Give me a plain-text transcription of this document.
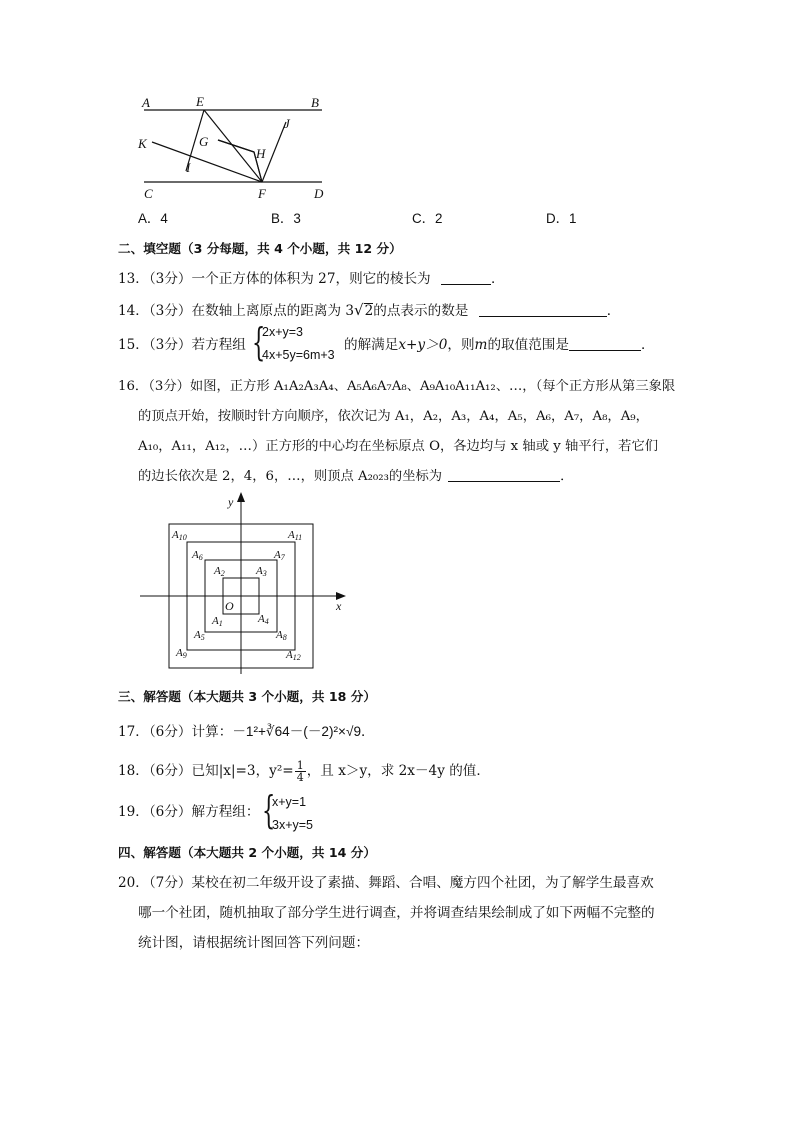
A	E	B
K	G
J
H
I
C	F	D
A．4	B．3	C．2	D．1
二、填空题（3 分每题，共 4 个小题，共 12 分）
13．（3分）一个正方体的体积为 27，则它的棱长为	．
14．（3分）在数轴上离原点的距离为 3√2的点表示的数是	．
15．（3分）若方程组 {
2x+y=3
4x+5y=6m+3
的解满足x+y＞0，则m的取值范围是	．
16．（3分）如图，正方形 A₁A₂A₃A₄、A₅A₆A₇A₈、A₉A₁₀A₁₁A₁₂、…，（每个正方形从第三象限
的顶点开始，按顺时针方向顺序，依次记为 A₁，A₂，A₃，A₄，A₅，A₆，A₇，A₈，A₉，
A₁₀，A₁₁，A₁₂，…）正方形的中心均在坐标原点 O，各边均与 x 轴或 y 轴平行，若它们
的边长依次是 2，4，6，…，则顶点 A₂₀₂₃的坐标为	．
x
y
O
A2	A3
A1	A4
A6	A7
A5	A8
A10	A11
A9	A12
三、解答题（本大题共 3 个小题，共 18 分）
17．（6分）计算：－1²+∛64－(－2)²×√9．
18．（6分）已知|x|=3，$y^2= \frac{1}{4}$ ，且 x＞y，求 2x－4y 的值．
19．（6分）解方程组： {
x+y=1
3x+y=5
四、解答题（本大题共 2 个小题，共 14 分）
20．（7分）某校在初二年级开设了素描、舞蹈、合唱、魔方四个社团，为了解学生最喜欢
哪一个社团，随机抽取了部分学生进行调查，并将调查结果绘制成了如下两幅不完整的
统计图，请根据统计图回答下列问题：
